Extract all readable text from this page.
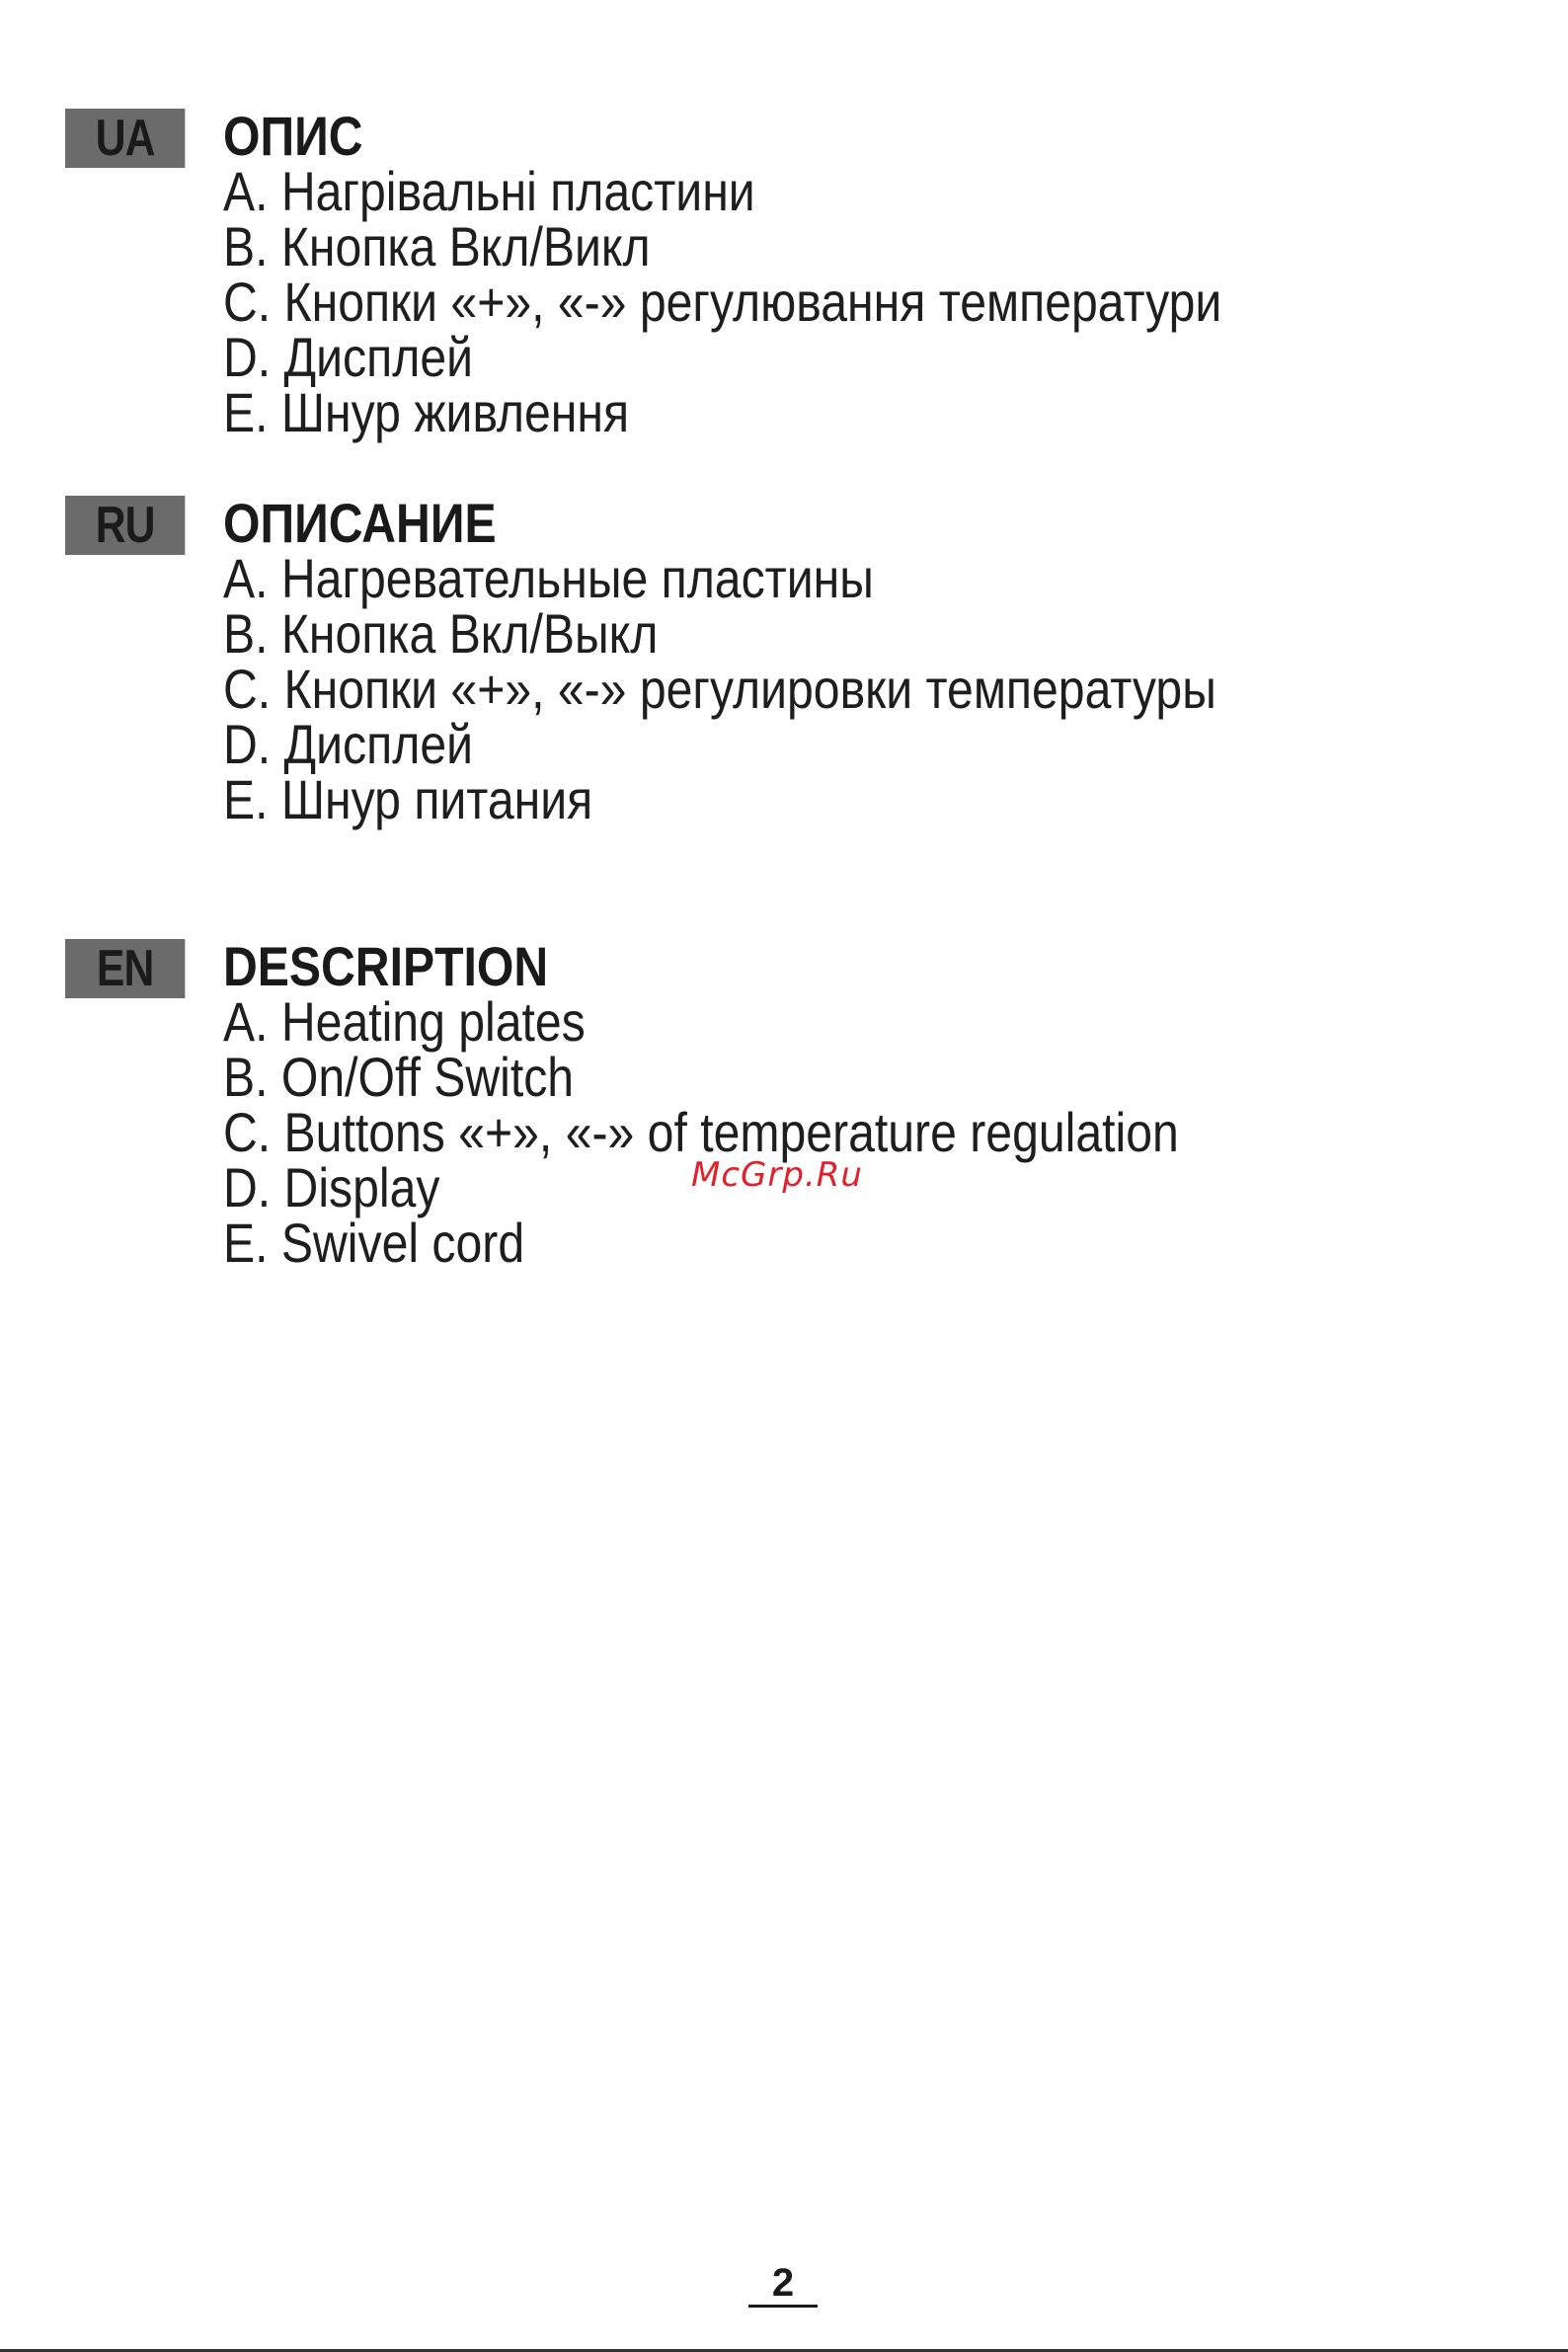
UA	ОПИС
A. Нагрівальні пластини
B. Кнопка Вкл/Викл
C. Кнопки «+», «-» регулювання температури
D. Дисплей
E. Шнур живлення
RU	ОПИСАНИЕ
A. Нагревательные пластины
B. Кнопка Вкл/Выкл
C. Кнопки «+», «-» регулировки температуры
D. Дисплей
E. Шнур питания
EN	DESCRIPTION
A. Heating plates
B. On/Off Switch
C. Buttons «+», «-» of temperature regulation
D. Display
E. Swivel cord
McGrp.Ru
2
